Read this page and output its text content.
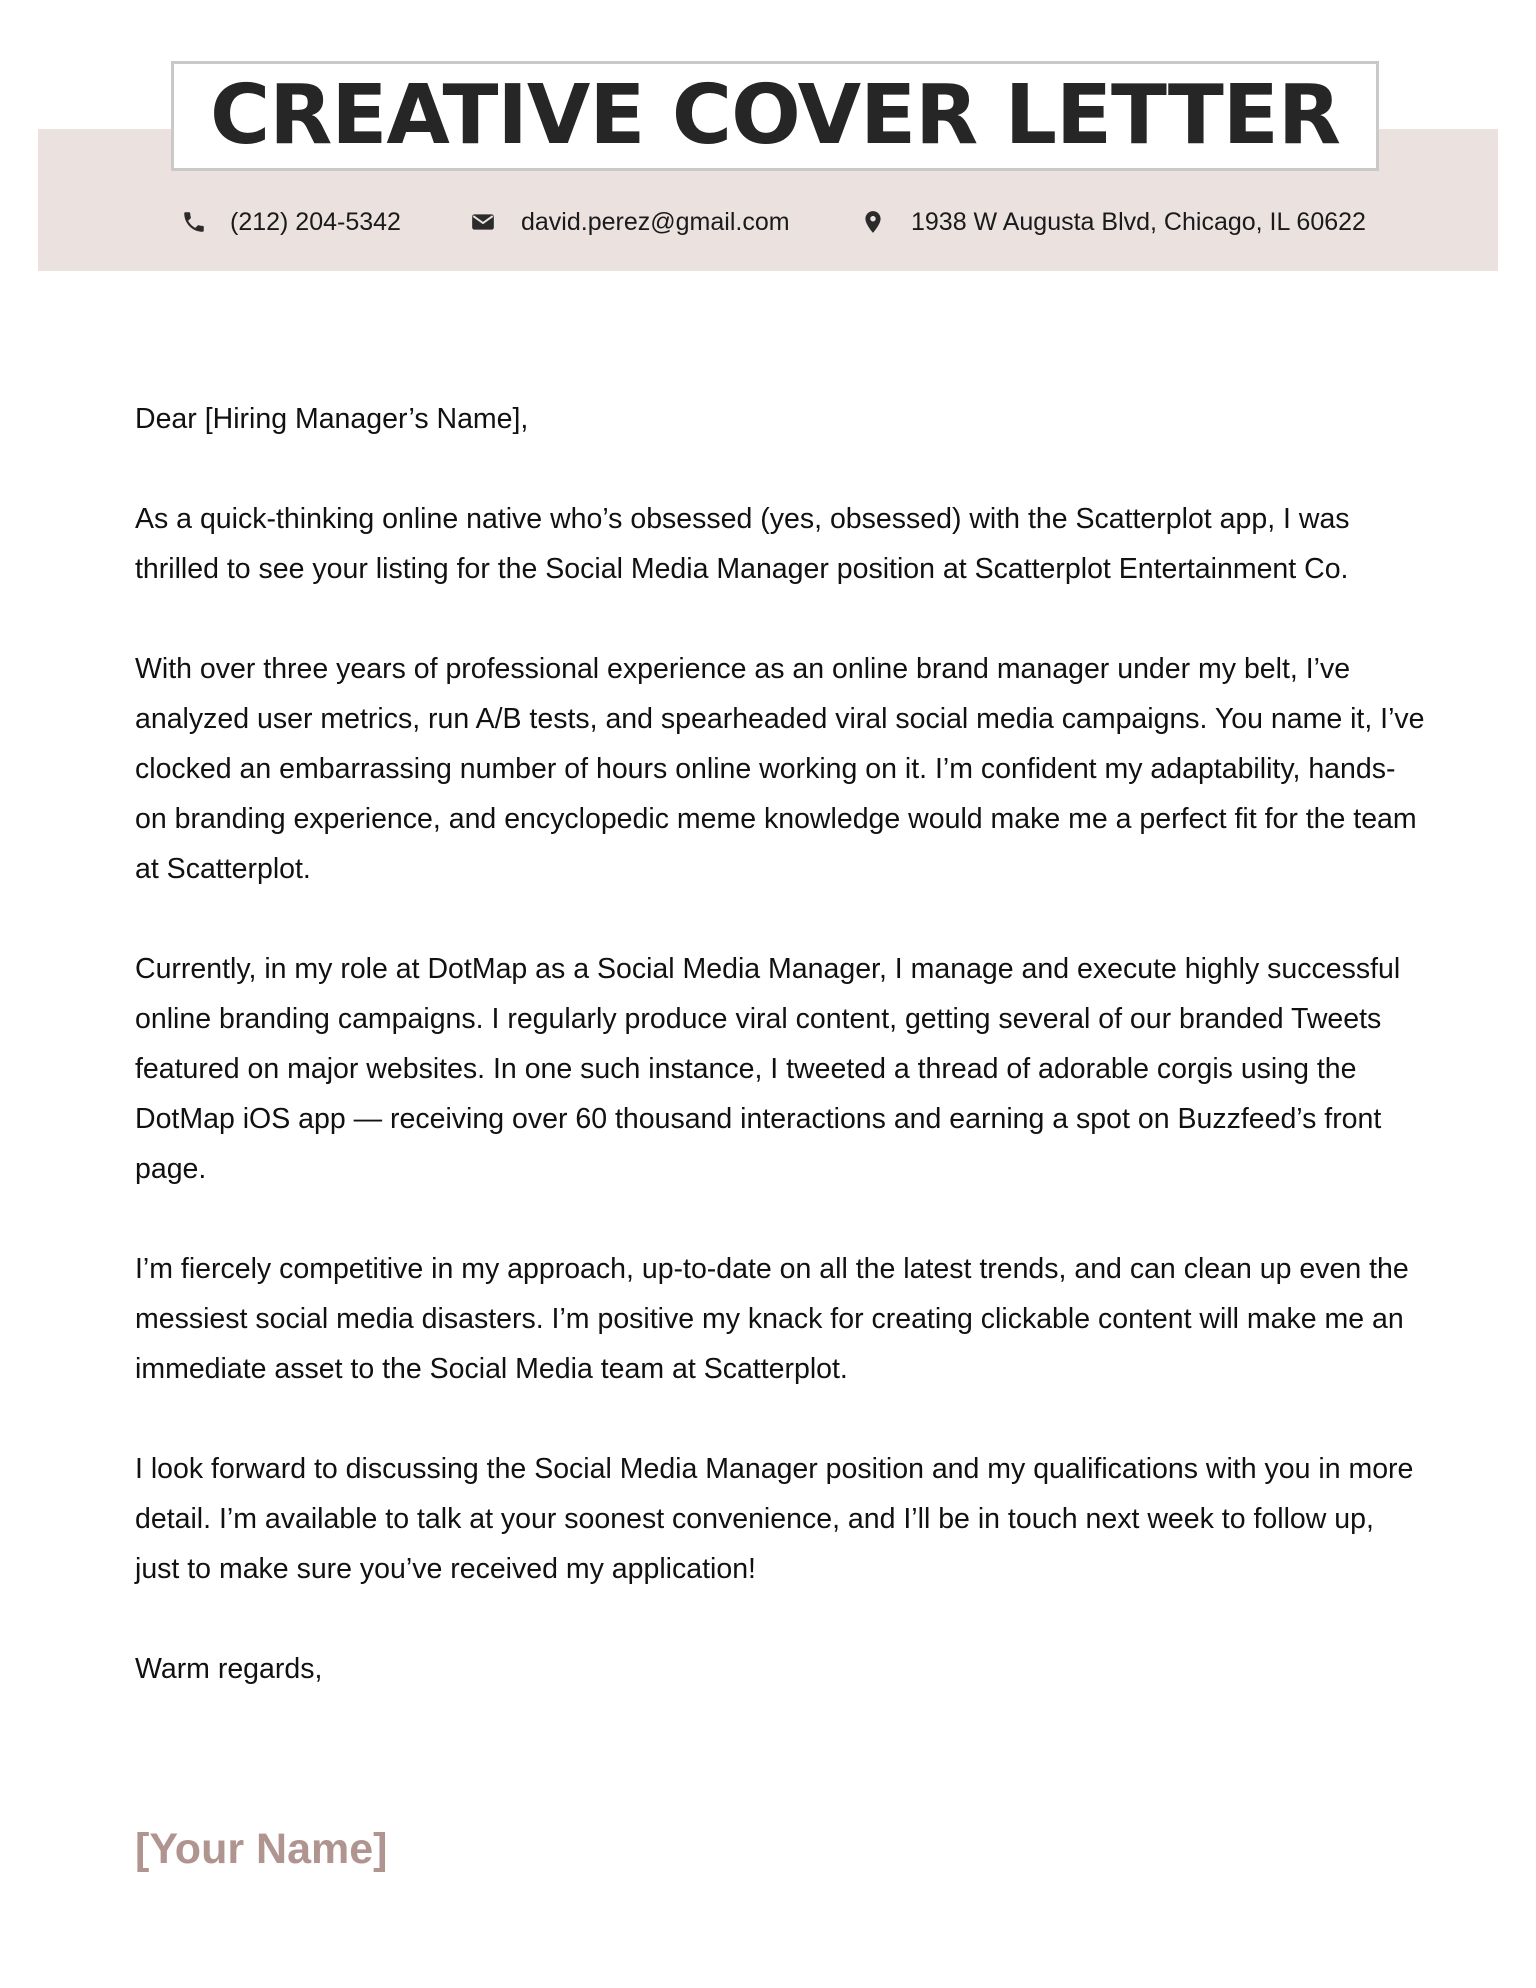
CREATIVE COVER LETTER
(212) 204-5342	david.perez@gmail.com	1938 W Augusta Blvd, Chicago, IL 60622

Dear [Hiring Manager’s Name],

As a quick-thinking online native who’s obsessed (yes, obsessed) with the Scatterplot app, I was thrilled to see your listing for the Social Media Manager position at Scatterplot Entertainment Co.

With over three years of professional experience as an online brand manager under my belt, I’ve analyzed user metrics, run A/B tests, and spearheaded viral social media campaigns. You name it, I’ve clocked an embarrassing number of hours online working on it. I’m confident my adaptability, hands-on branding experience, and encyclopedic meme knowledge would make me a perfect fit for the team at Scatterplot.

Currently, in my role at DotMap as a Social Media Manager, I manage and execute highly successful online branding campaigns. I regularly produce viral content, getting several of our branded Tweets featured on major websites. In one such instance, I tweeted a thread of adorable corgis using the DotMap iOS app — receiving over 60 thousand interactions and earning a spot on Buzzfeed’s front page.

I’m fiercely competitive in my approach, up-to-date on all the latest trends, and can clean up even the messiest social media disasters. I’m positive my knack for creating clickable content will make me an immediate asset to the Social Media team at Scatterplot.

I look forward to discussing the Social Media Manager position and my qualifications with you in more detail. I’m available to talk at your soonest convenience, and I’ll be in touch next week to follow up, just to make sure you’ve received my application!

Warm regards,

[Your Name]
